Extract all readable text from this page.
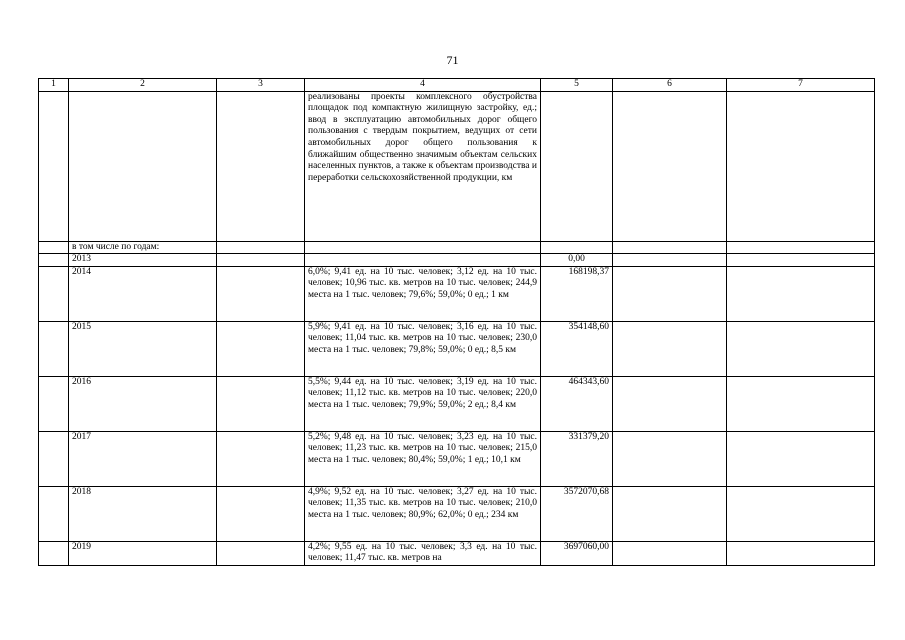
71
1	2	3	4	5	6	7
			реализованы проекты комплексного обустройства площадок под компактную жилищную застройку, ед.; ввод в эксплуатацию автомобильных дорог общего пользования с твердым покрытием, ведущих от сети автомобильных дорог общего пользования к ближайшим общественно значимым объектам сельских населенных пунктов, а также к объектам производства и переработки сельскохозяйственной продукции, км			
	в том числе по годам:					
	2013			0,00		
	2014		6,0%; 9,41 ед. на 10 тыс. человек; 3,12 ед. на 10 тыс. человек; 10,96 тыс. кв. метров на 10 тыс. человек; 244,9 места на 1 тыс. человек; 79,6%; 59,0%; 0 ед.; 1 км	168198,37		
	2015		5,9%; 9,41 ед. на 10 тыс. человек; 3,16 ед. на 10 тыс. человек; 11,04 тыс. кв. метров на 10 тыс. человек; 230,0 места на 1 тыс. человек; 79,8%; 59,0%; 0 ед.; 8,5 км	354148,60		
	2016		5,5%; 9,44 ед. на 10 тыс. человек; 3,19 ед. на 10 тыс. человек; 11,12 тыс. кв. метров на 10 тыс. человек; 220,0 места на 1 тыс. человек; 79,9%; 59,0%; 2 ед.; 8,4 км	464343,60		
	2017		5,2%; 9,48 ед. на 10 тыс. человек; 3,23 ед. на 10 тыс. человек; 11,23 тыс. кв. метров на 10 тыс. человек; 215,0 места на 1 тыс. человек; 80,4%; 59,0%; 1 ед.; 10,1 км	331379,20		
	2018		4,9%; 9,52 ед. на 10 тыс. человек; 3,27 ед. на 10 тыс. человек; 11,35 тыс. кв. метров на 10 тыс. человек; 210,0 места на 1 тыс. человек; 80,9%; 62,0%; 0 ед.; 234 км	3572070,68		
	2019		4,2%; 9,55 ед. на 10 тыс. человек; 3,3 ед. на 10 тыс. человек; 11,47 тыс. кв. метров на	3697060,00		
